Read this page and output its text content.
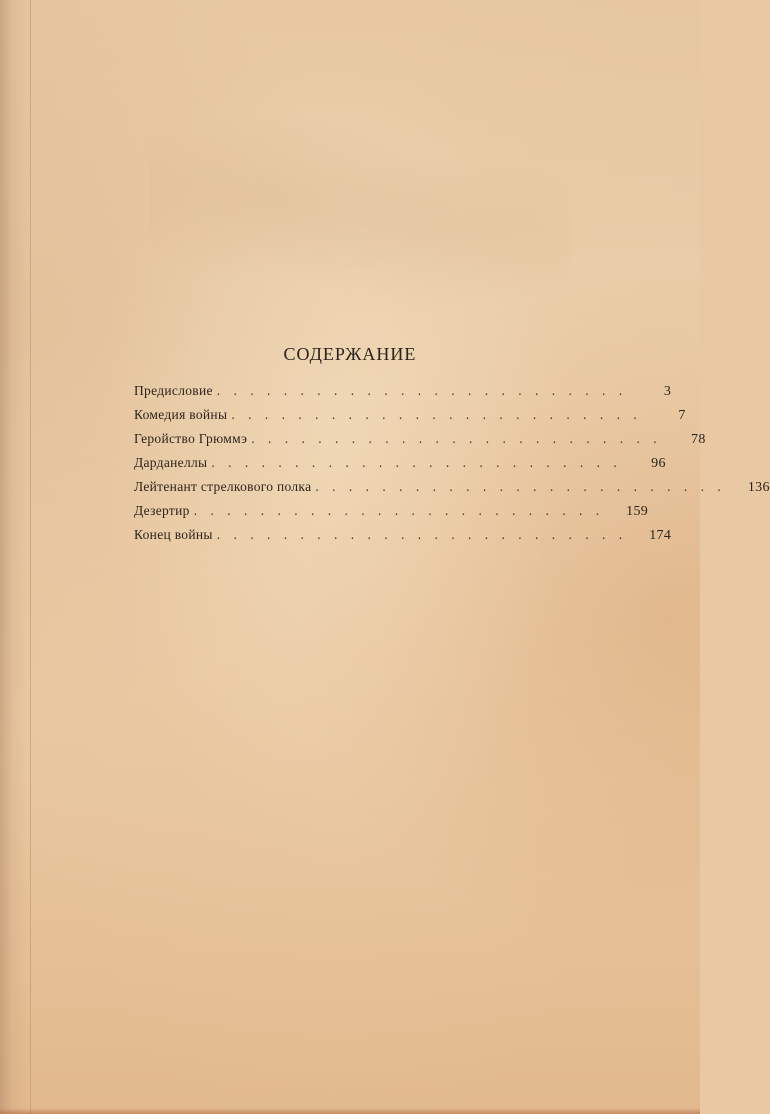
СОДЕРЖАНИЕ
Предисловие . . . . . . . . . . . . . . . . . . . . . . . . .	3
Комедия войны . . . . . . . . . . . . . . . . . . . . . . . . .	7
Геройство Грюммэ . . . . . . . . . . . . . . . . . . . . . . . . .	78
Дарданеллы . . . . . . . . . . . . . . . . . . . . . . . . .	96
Лейтенант стрелкового полка . . . . . . . . . . . . . . . . . . . . . . . . .	136
Дезертир . . . . . . . . . . . . . . . . . . . . . . . . .	159
Конец войны . . . . . . . . . . . . . . . . . . . . . . . . .	174
